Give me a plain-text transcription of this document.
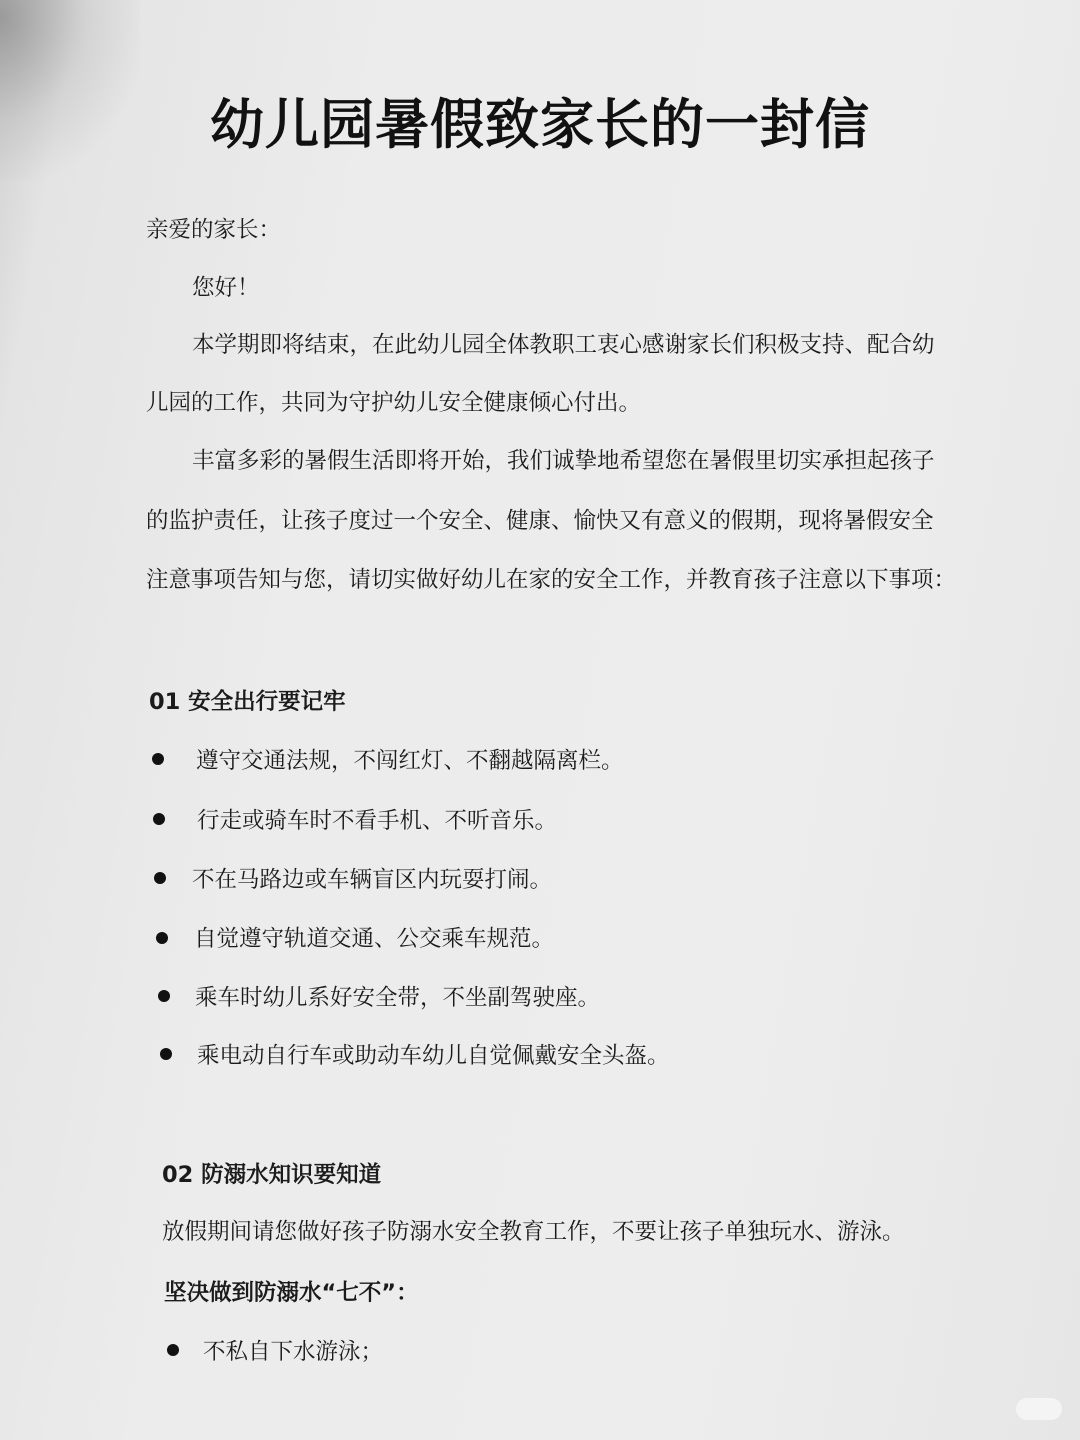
幼儿园暑假致家长的一封信
亲爱的家长：
您好！
本学期即将结束，在此幼儿园全体教职工衷心感谢家长们积极支持、配合幼
儿园的工作，共同为守护幼儿安全健康倾心付出。
丰富多彩的暑假生活即将开始，我们诚挚地希望您在暑假里切实承担起孩子
的监护责任，让孩子度过一个安全、健康、愉快又有意义的假期，现将暑假安全
注意事项告知与您，请切实做好幼儿在家的安全工作，并教育孩子注意以下事项：
01 安全出行要记牢
遵守交通法规，不闯红灯、不翻越隔离栏。
行走或骑车时不看手机、不听音乐。
不在马路边或车辆盲区内玩耍打闹。
自觉遵守轨道交通、公交乘车规范。
乘车时幼儿系好安全带，不坐副驾驶座。
乘电动自行车或助动车幼儿自觉佩戴安全头盔。
02 防溺水知识要知道
放假期间请您做好孩子防溺水安全教育工作，不要让孩子单独玩水、游泳。
坚决做到防溺水“七不”：
不私自下水游泳；
